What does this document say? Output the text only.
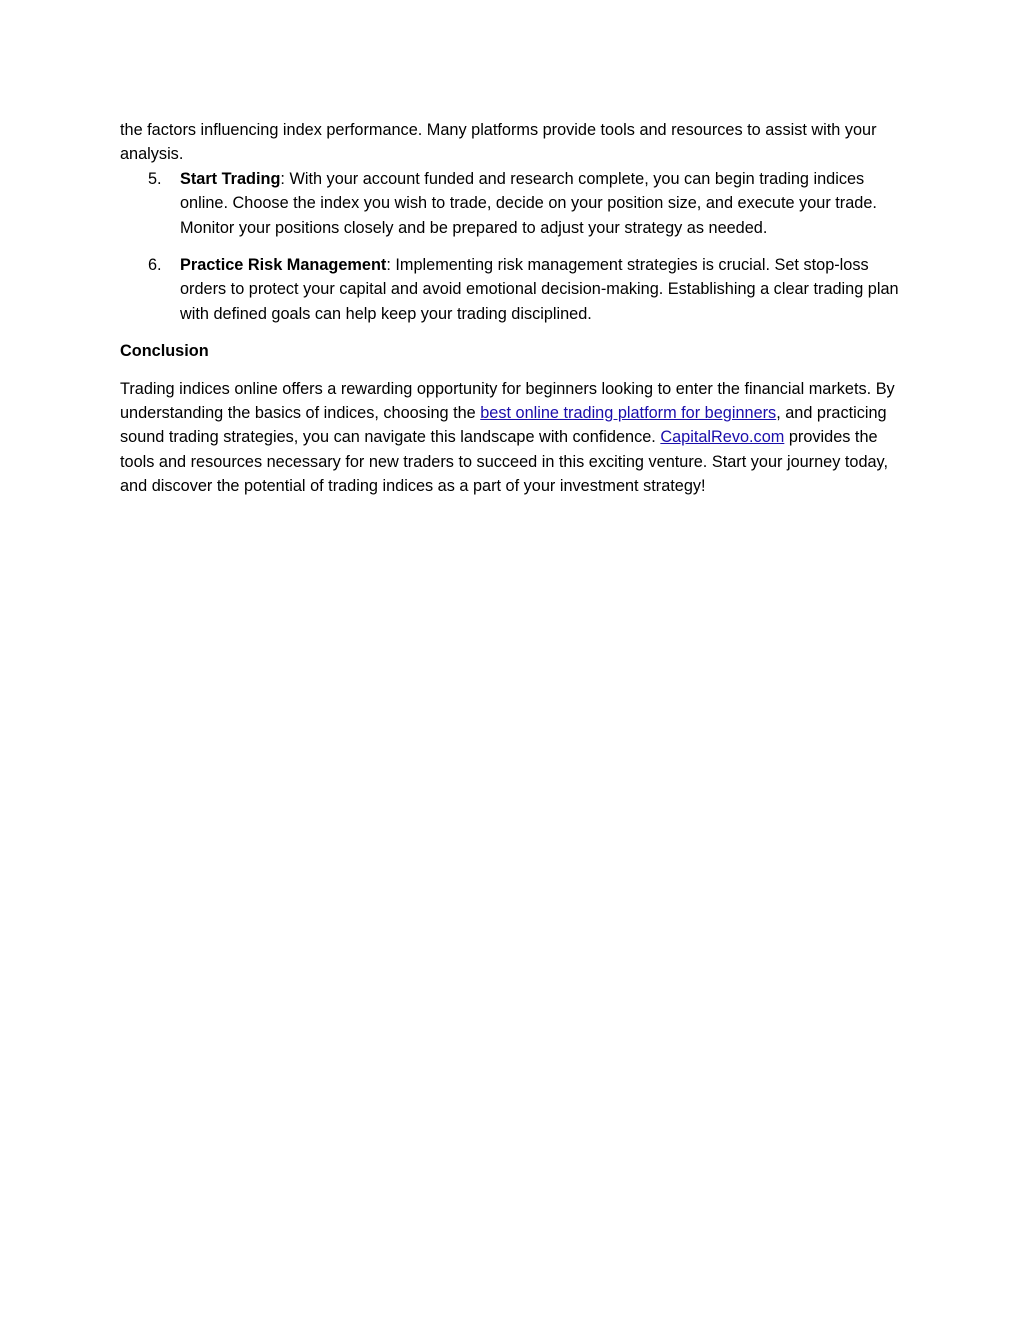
the factors influencing index performance. Many platforms provide tools and resources to assist with your analysis.

5. Start Trading: With your account funded and research complete, you can begin trading indices online. Choose the index you wish to trade, decide on your position size, and execute your trade. Monitor your positions closely and be prepared to adjust your strategy as needed.
6. Practice Risk Management: Implementing risk management strategies is crucial. Set stop-loss orders to protect your capital and avoid emotional decision-making. Establishing a clear trading plan with defined goals can help keep your trading disciplined.

Conclusion

Trading indices online offers a rewarding opportunity for beginners looking to enter the financial markets. By understanding the basics of indices, choosing the best online trading platform for beginners, and practicing sound trading strategies, you can navigate this landscape with confidence. CapitalRevo.com provides the tools and resources necessary for new traders to succeed in this exciting venture. Start your journey today, and discover the potential of trading indices as a part of your investment strategy!
